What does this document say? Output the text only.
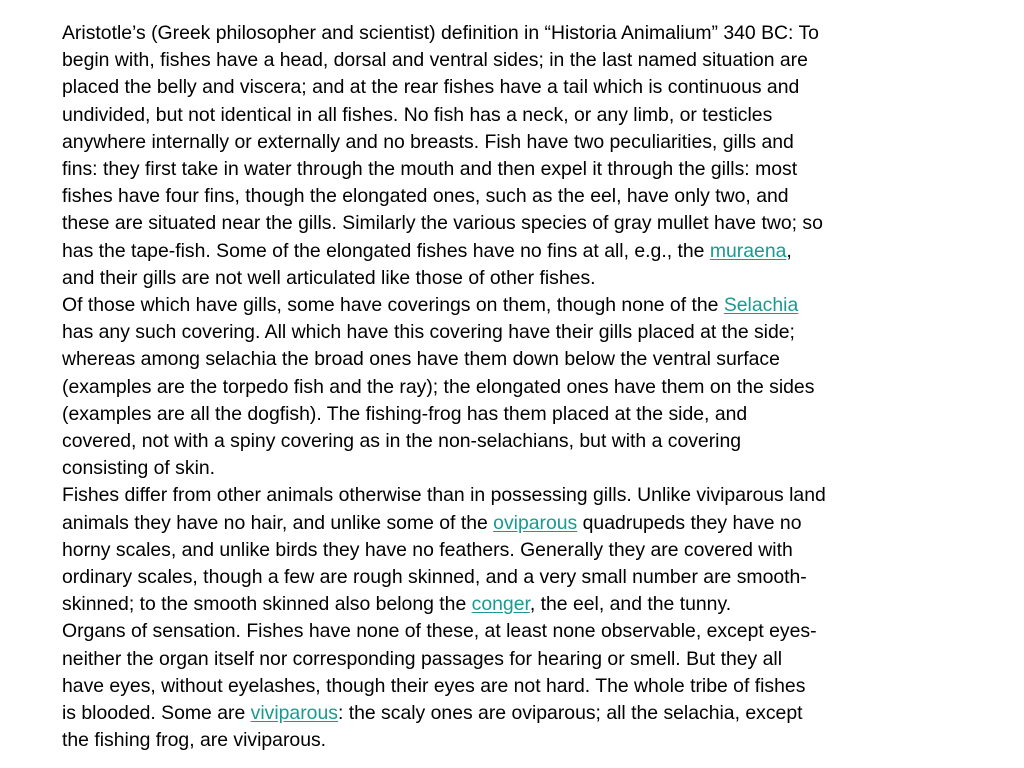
Aristotle’s (Greek philosopher and scientist) definition in “Historia Animalium” 340 BC: To
begin with, fishes have a head, dorsal and ventral sides; in the last named situation are
placed the belly and viscera; and at the rear fishes have a tail which is continuous and
undivided, but not identical in all fishes. No fish has a neck, or any limb, or testicles
anywhere internally or externally and no breasts. Fish have two peculiarities, gills and
fins: they first take in water through the mouth and then expel it through the gills: most
fishes have four fins, though the elongated ones, such as the eel, have only two, and
these are situated near the gills. Similarly the various species of gray mullet have two; so
has the tape-fish. Some of the elongated fishes have no fins at all, e.g., the muraena,
and their gills are not well articulated like those of other fishes.

Of those which have gills, some have coverings on them, though none of the Selachia
has any such covering. All which have this covering have their gills placed at the side;
whereas among selachia the broad ones have them down below the ventral surface
(examples are the torpedo fish and the ray); the elongated ones have them on the sides
(examples are all the dogfish). The fishing-frog has them placed at the side, and
covered, not with a spiny covering as in the non-selachians, but with a covering
consisting of skin.

Fishes differ from other animals otherwise than in possessing gills. Unlike viviparous land
animals they have no hair, and unlike some of the oviparous quadrupeds they have no
horny scales, and unlike birds they have no feathers. Generally they are covered with
ordinary scales, though a few are rough skinned, and a very small number are smooth-
skinned; to the smooth skinned also belong the conger, the eel, and the tunny.

Organs of sensation. Fishes have none of these, at least none observable, except eyes-
neither the organ itself nor corresponding passages for hearing or smell. But they all
have eyes, without eyelashes, though their eyes are not hard. The whole tribe of fishes
is blooded. Some are viviparous: the scaly ones are oviparous; all the selachia, except
the fishing frog, are viviparous.
